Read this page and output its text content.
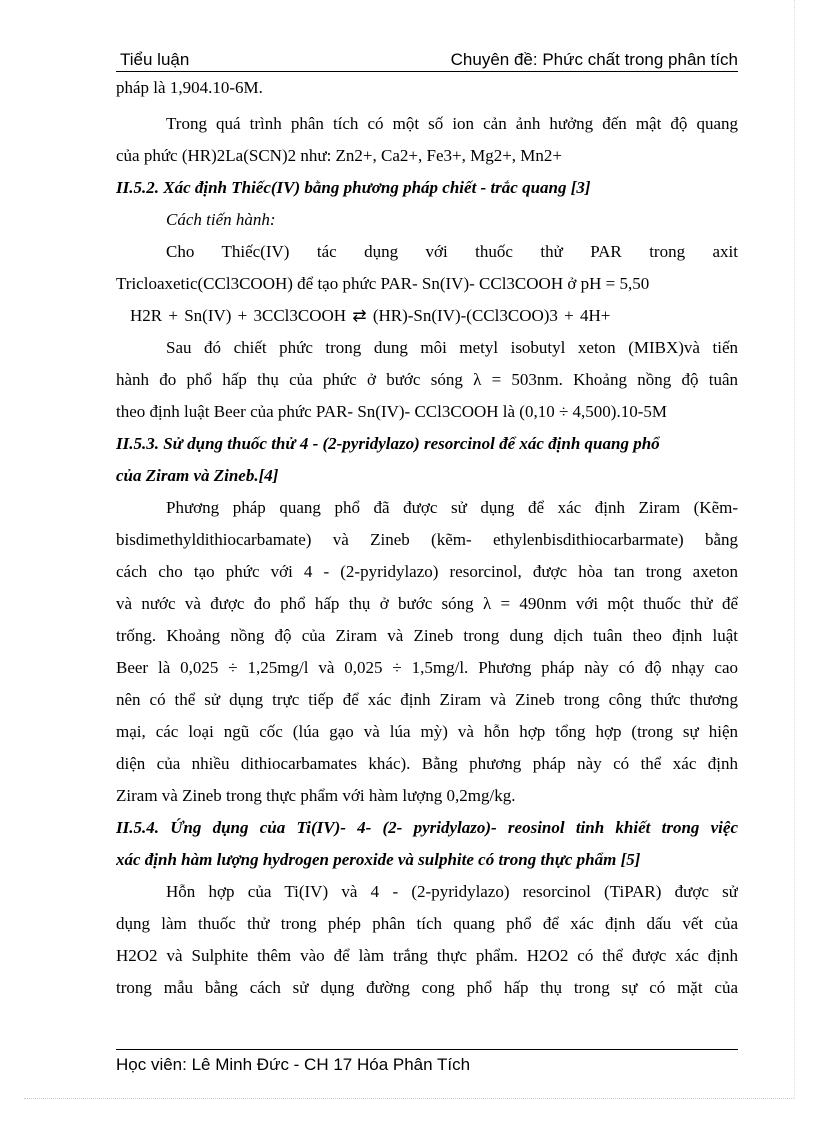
Tiểu luận	Chuyên đề: Phức chất trong phân tích
pháp là 1,904.10-6M.
Trong quá trình phân tích có một số ion cản ảnh hưởng đến mật độ quang
của phức (HR)2La(SCN)2 như: Zn2+, Ca2+, Fe3+, Mg2+, Mn2+
II.5.2. Xác định Thiếc(IV) bằng phương pháp chiết - trắc quang [3]
Cách tiến hành:
Cho Thiếc(IV) tác dụng với thuốc thử PAR trong axit
Tricloaxetic(CCl3COOH) để tạo phức PAR- Sn(IV)- CCl3COOH ở pH = 5,50
H2R + Sn(IV) + 3CCl3COOH ⇄ (HR)-Sn(IV)-(CCl3COO)3 + 4H+
Sau đó chiết phức trong dung môi metyl isobutyl xeton (MIBX)và tiến
hành đo phổ hấp thụ của phức ở bước sóng λ = 503nm. Khoảng nồng độ tuân
theo định luật Beer của phức PAR- Sn(IV)- CCl3COOH là (0,10 ÷ 4,500).10-5M
II.5.3. Sử dụng thuốc thử 4 - (2-pyridylazo) resorcinol để xác định quang phổ
của Ziram và Zineb.[4]
Phương pháp quang phổ đã được sử dụng để xác định Ziram (Kẽm-
bisdimethyldithiocarbamate) và Zineb (kẽm- ethylenbisdithiocarbarmate) bằng
cách cho tạo phức với 4 - (2-pyridylazo) resorcinol, được hòa tan trong axeton
và nước và được đo phổ hấp thụ ở bước sóng λ = 490nm với một thuốc thử để
trống. Khoảng nồng độ của Ziram và Zineb trong dung dịch tuân theo định luật
Beer là 0,025 ÷ 1,25mg/l và 0,025 ÷ 1,5mg/l. Phương pháp này có độ nhạy cao
nên có thể sử dụng trực tiếp để xác định Ziram và Zineb trong công thức thương
mại, các loại ngũ cốc (lúa gạo và lúa mỳ) và hỗn hợp tổng hợp (trong sự hiện
diện của nhiều dithiocarbamates khác). Bằng phương pháp này có thể xác định
Ziram và Zineb trong thực phẩm với hàm lượng 0,2mg/kg.
II.5.4. Ứng dụng của Ti(IV)- 4- (2- pyridylazo)- reosinol tinh khiết trong việc
xác định hàm lượng hydrogen peroxide và sulphite có trong thực phẩm [5]
Hỗn hợp của Ti(IV) và 4 - (2-pyridylazo) resorcinol (TiPAR) được sử
dụng làm thuốc thử trong phép phân tích quang phổ để xác định dấu vết của
H2O2 và Sulphite thêm vào để làm trắng thực phẩm. H2O2 có thể được xác định
trong mẫu bằng cách sử dụng đường cong phổ hấp thụ trong sự có mặt của
Học viên: Lê Minh Đức - CH 17 Hóa Phân Tích
